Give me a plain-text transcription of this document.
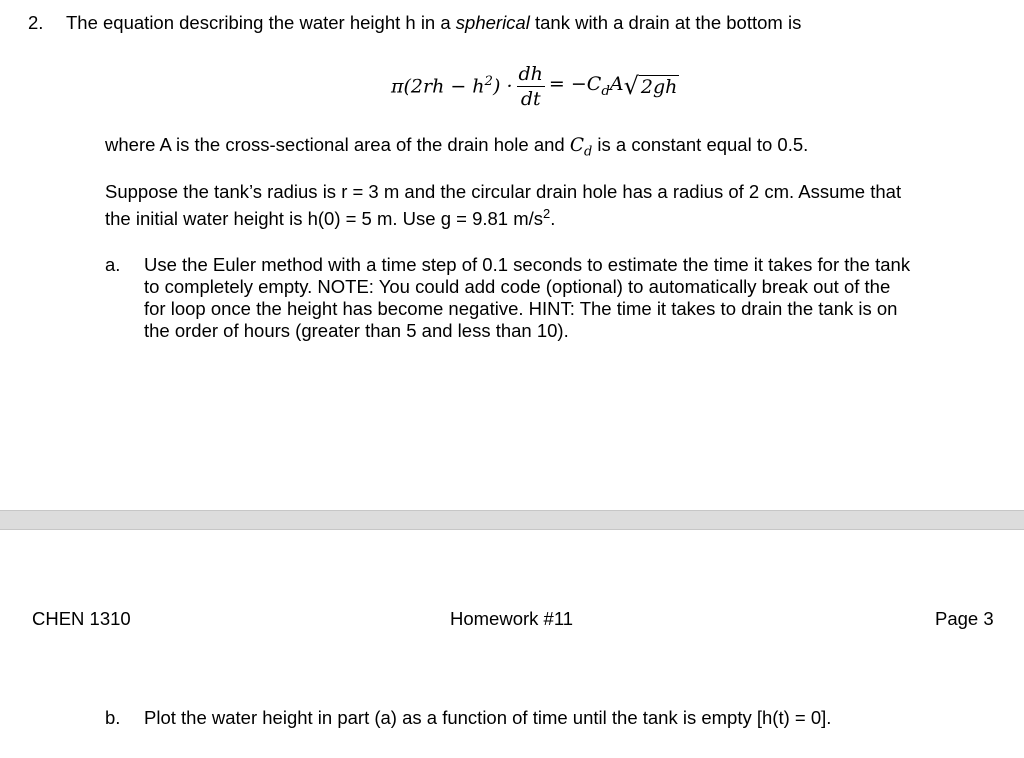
2. The equation describing the water height h in a spherical tank with a drain at the bottom is
$\pi(2rh - h^2) \cdot \frac{dh}{dt} = -C_dA$ √ 2gh
where A is the cross-sectional area of the drain hole and $C_d$ is a constant equal to 0.5.
Suppose the tank’s radius is r = 3 m and the circular drain hole has a radius of 2 cm. Assume that
the initial water height is h(0) = 5 m. Use g = 9.81 $m/s^2$.
a. Use the Euler method with a time step of 0.1 seconds to estimate the time it takes for the tank
to completely empty. NOTE: You could add code (optional) to automatically break out of the
for loop once the height has become negative. HINT: The time it takes to drain the tank is on
the order of hours (greater than 5 and less than 10).
CHEN 1310	Homework #11	Page 3
b. Plot the water height in part (a) as a function of time until the tank is empty [h(t) = 0].
